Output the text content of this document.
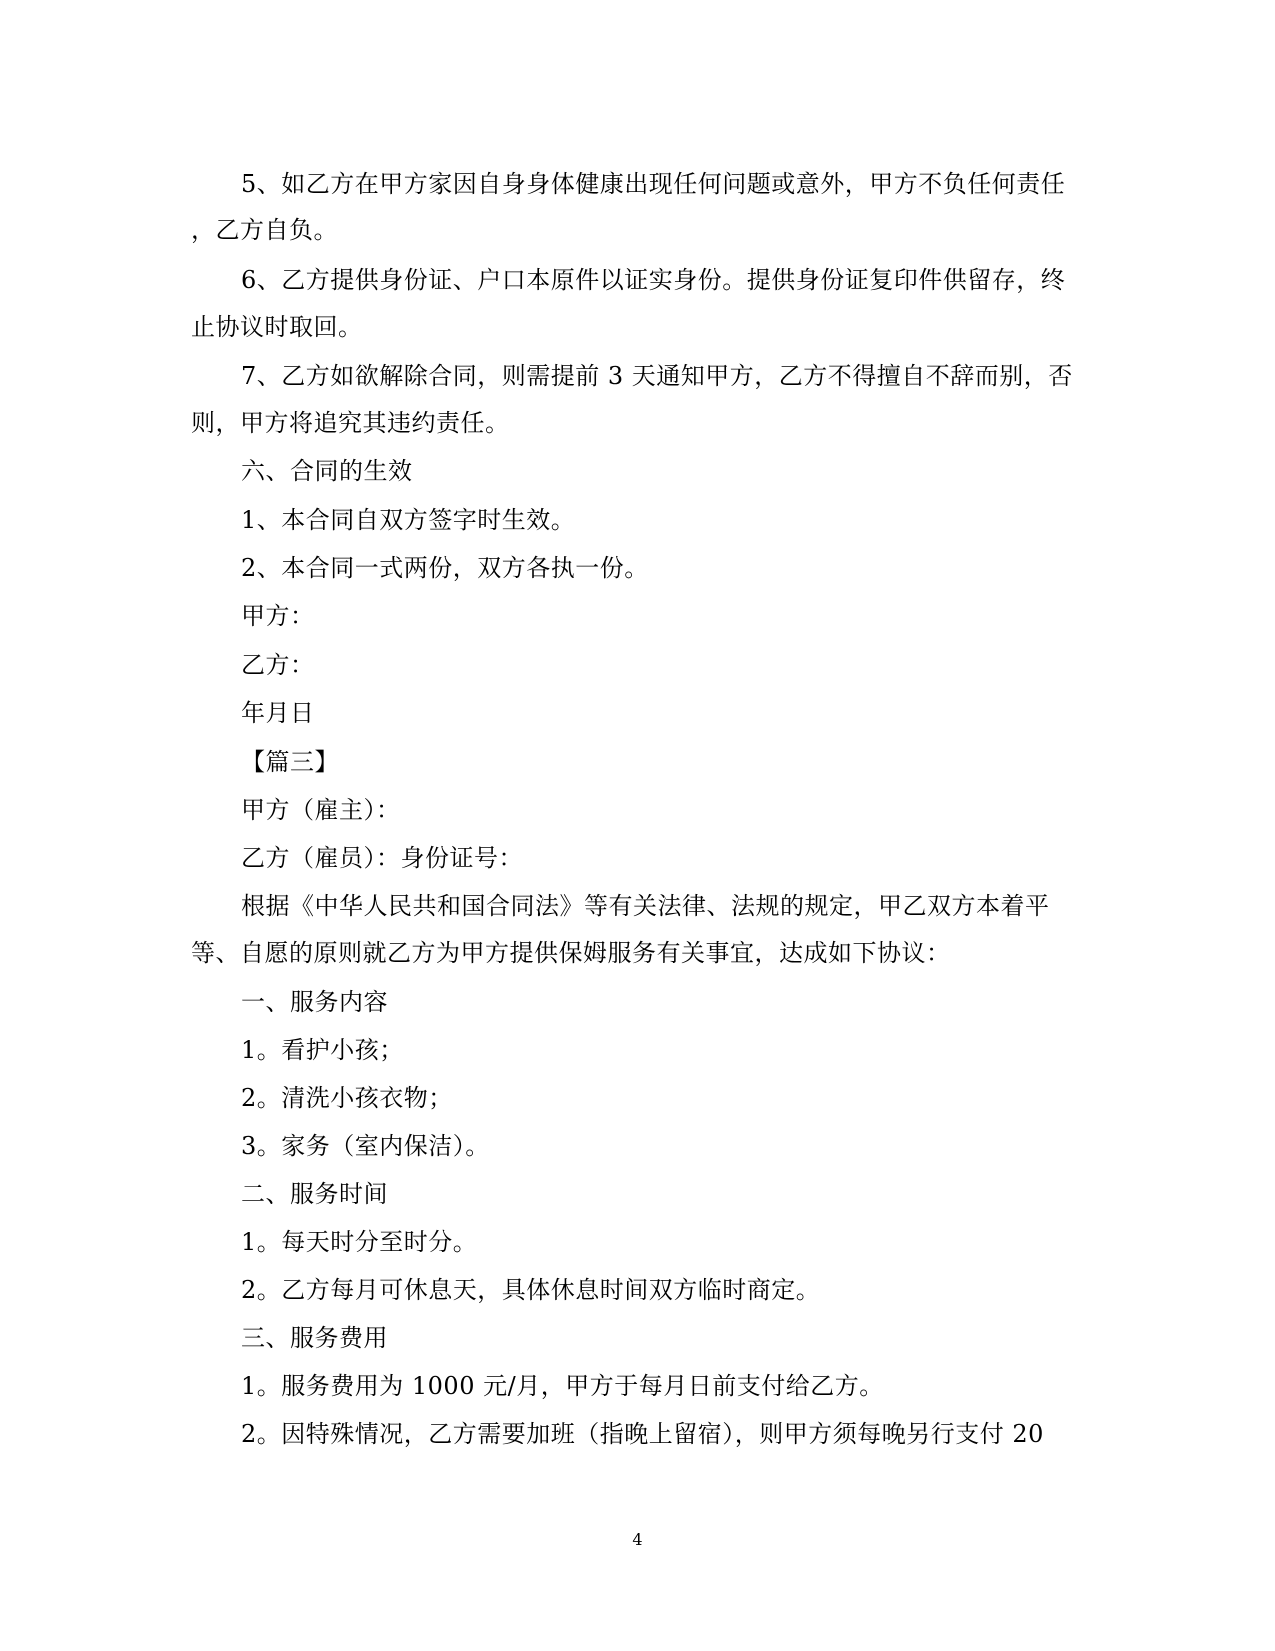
5、如乙方在甲方家因自身身体健康出现任何问题或意外，甲方不负任何责任
，乙方自负。
6、乙方提供身份证、户口本原件以证实身份。提供身份证复印件供留存，终
止协议时取回。
7、乙方如欲解除合同，则需提前 3 天通知甲方，乙方不得擅自不辞而别，否
则，甲方将追究其违约责任。
六、合同的生效
1、本合同自双方签字时生效。
2、本合同一式两份，双方各执一份。
甲方：
乙方：
年月日
【篇三】
甲方（雇主）：
乙方（雇员）：身份证号：
根据《中华人民共和国合同法》等有关法律、法规的规定，甲乙双方本着平
等、自愿的原则就乙方为甲方提供保姆服务有关事宜，达成如下协议：
一、服务内容
1。看护小孩；
2。清洗小孩衣物；
3。家务（室内保洁）。
二、服务时间
1。每天时分至时分。
2。乙方每月可休息天，具体休息时间双方临时商定。
三、服务费用
1。服务费用为 1000 元/月，甲方于每月日前支付给乙方。
2。因特殊情况，乙方需要加班（指晚上留宿），则甲方须每晚另行支付 20
4
